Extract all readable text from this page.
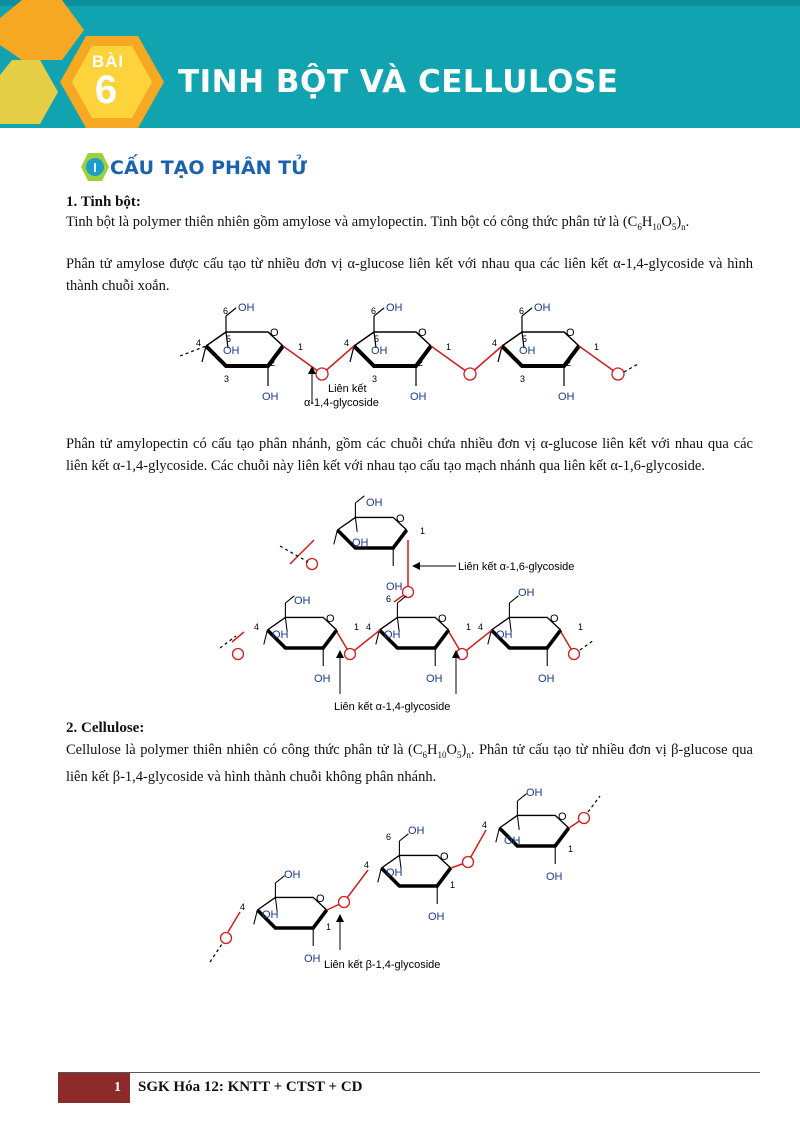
BÀI
6	TINH BỘT VÀ CELLULOSE
I CẤU TẠO PHÂN TỬ
1. Tinh bột:

Tinh bột là polymer thiên nhiên gồm amylose và amylopectin. Tinh bột có công thức phân tử là $(C_6H_{10}O_5)_n$.

Phân tử amylose được cấu tạo từ nhiều đơn vị α-glucose liên kết với nhau qua các liên kết α-1,4-glycoside và hình thành chuỗi xoắn.

OH
O
OH
OH
6
5
4
3
2
1
OH
O
OH
OH
6
5
4
3
2
1
OH
O
OH
OH
6
5
4
3
2
1
Liên kết
α-1,4-glycoside

Phân tử amylopectin có cấu tạo phân nhánh, gồm các chuỗi chứa nhiều đơn vị α-glucose liên kết với nhau qua các liên kết α-1,4-glycoside. Các chuỗi này liên kết với nhau tạo cấu tạo mạch nhánh qua liên kết α-1,6-glycoside.

OH
O
OH
OH
1
Liên kết α-1,6-glycoside
OH
O
OH
OH
4	1
6
O
OH
OH
4	1
OH
O
OH
OH
4	1
Liên kết α-1,4-glycoside
2. Cellulose:

Cellulose là polymer thiên nhiên có công thức phân tử là $(C_6H_{10}O_5)_n$. Phân tử cấu tạo từ nhiều đơn vị β-glucose qua liên kết β-1,4-glycoside và hình thành chuỗi không phân nhánh.

OH
O
OH
OH
4
1
OH
6
O
OH
OH
4
1
OH
O
OH
OH
4
1
Liên kết β-1,4-glycoside
1 SGK Hóa 12: KNTT + CTST + CD
